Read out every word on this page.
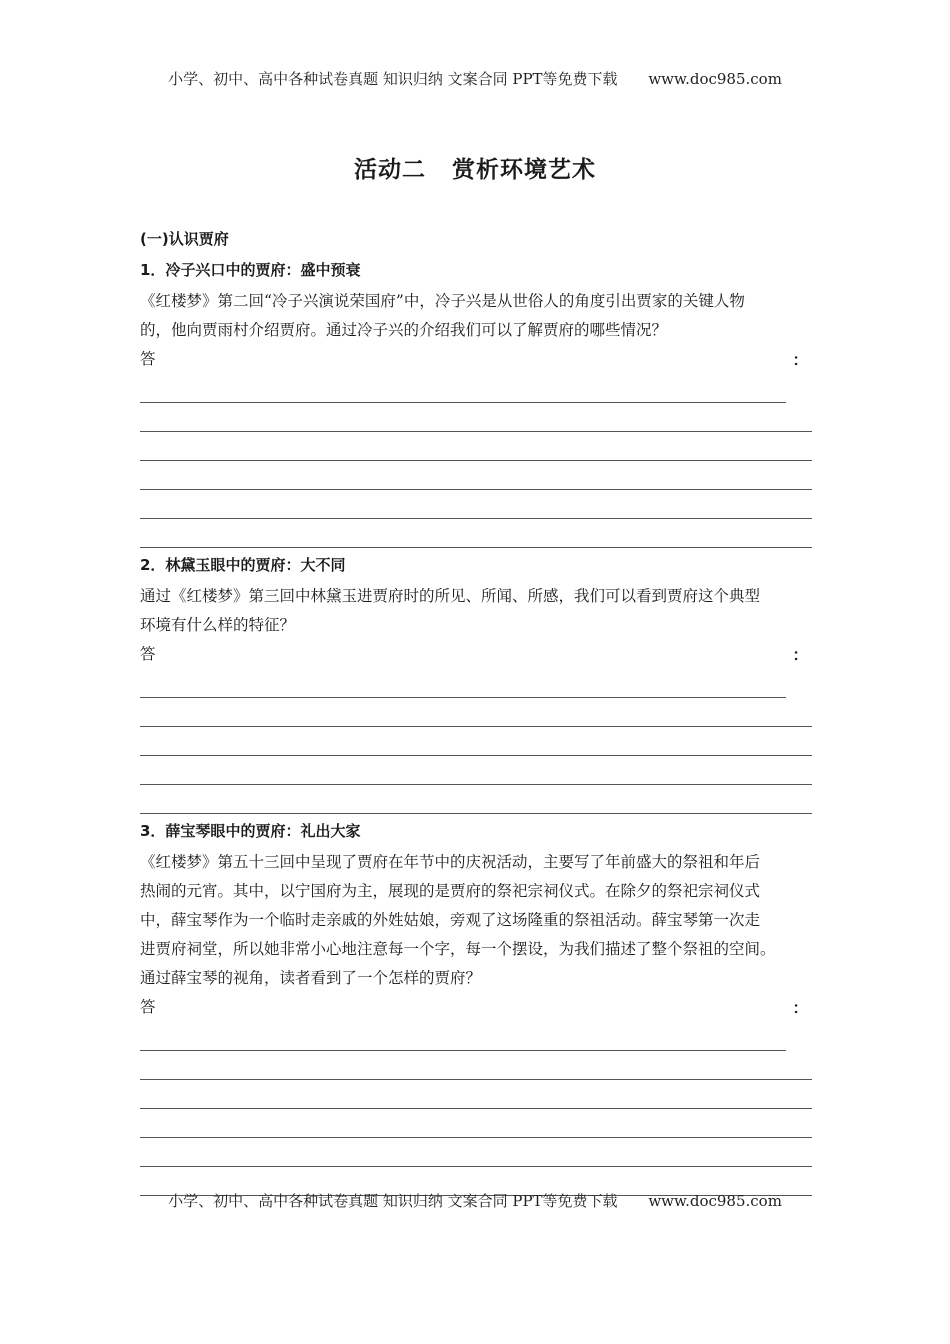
小学、初中、高中各种试卷真题 知识归纳 文案合同 PPT等免费下载 www.doc985.com
活动二 赏析环境艺术
(一)认识贾府
1．冷子兴口中的贾府：盛中预衰
《红楼梦》第二回“冷子兴演说荣国府”中，冷子兴是从世俗人的角度引出贾家的关键人物
的，他向贾雨村介绍贾府。通过冷子兴的介绍我们可以了解贾府的哪些情况？
答	：
2．林黛玉眼中的贾府：大不同
通过《红楼梦》第三回中林黛玉进贾府时的所见、所闻、所感，我们可以看到贾府这个典型
环境有什么样的特征？
答	：
3．薛宝琴眼中的贾府：礼出大家
《红楼梦》第五十三回中呈现了贾府在年节中的庆祝活动，主要写了年前盛大的祭祖和年后
热闹的元宵。其中，以宁国府为主，展现的是贾府的祭祀宗祠仪式。在除夕的祭祀宗祠仪式
中，薛宝琴作为一个临时走亲戚的外姓姑娘，旁观了这场隆重的祭祖活动。薛宝琴第一次走
进贾府祠堂，所以她非常小心地注意每一个字，每一个摆设，为我们描述了整个祭祖的空间。
通过薛宝琴的视角，读者看到了一个怎样的贾府？
答	：
小学、初中、高中各种试卷真题 知识归纳 文案合同 PPT等免费下载 www.doc985.com
